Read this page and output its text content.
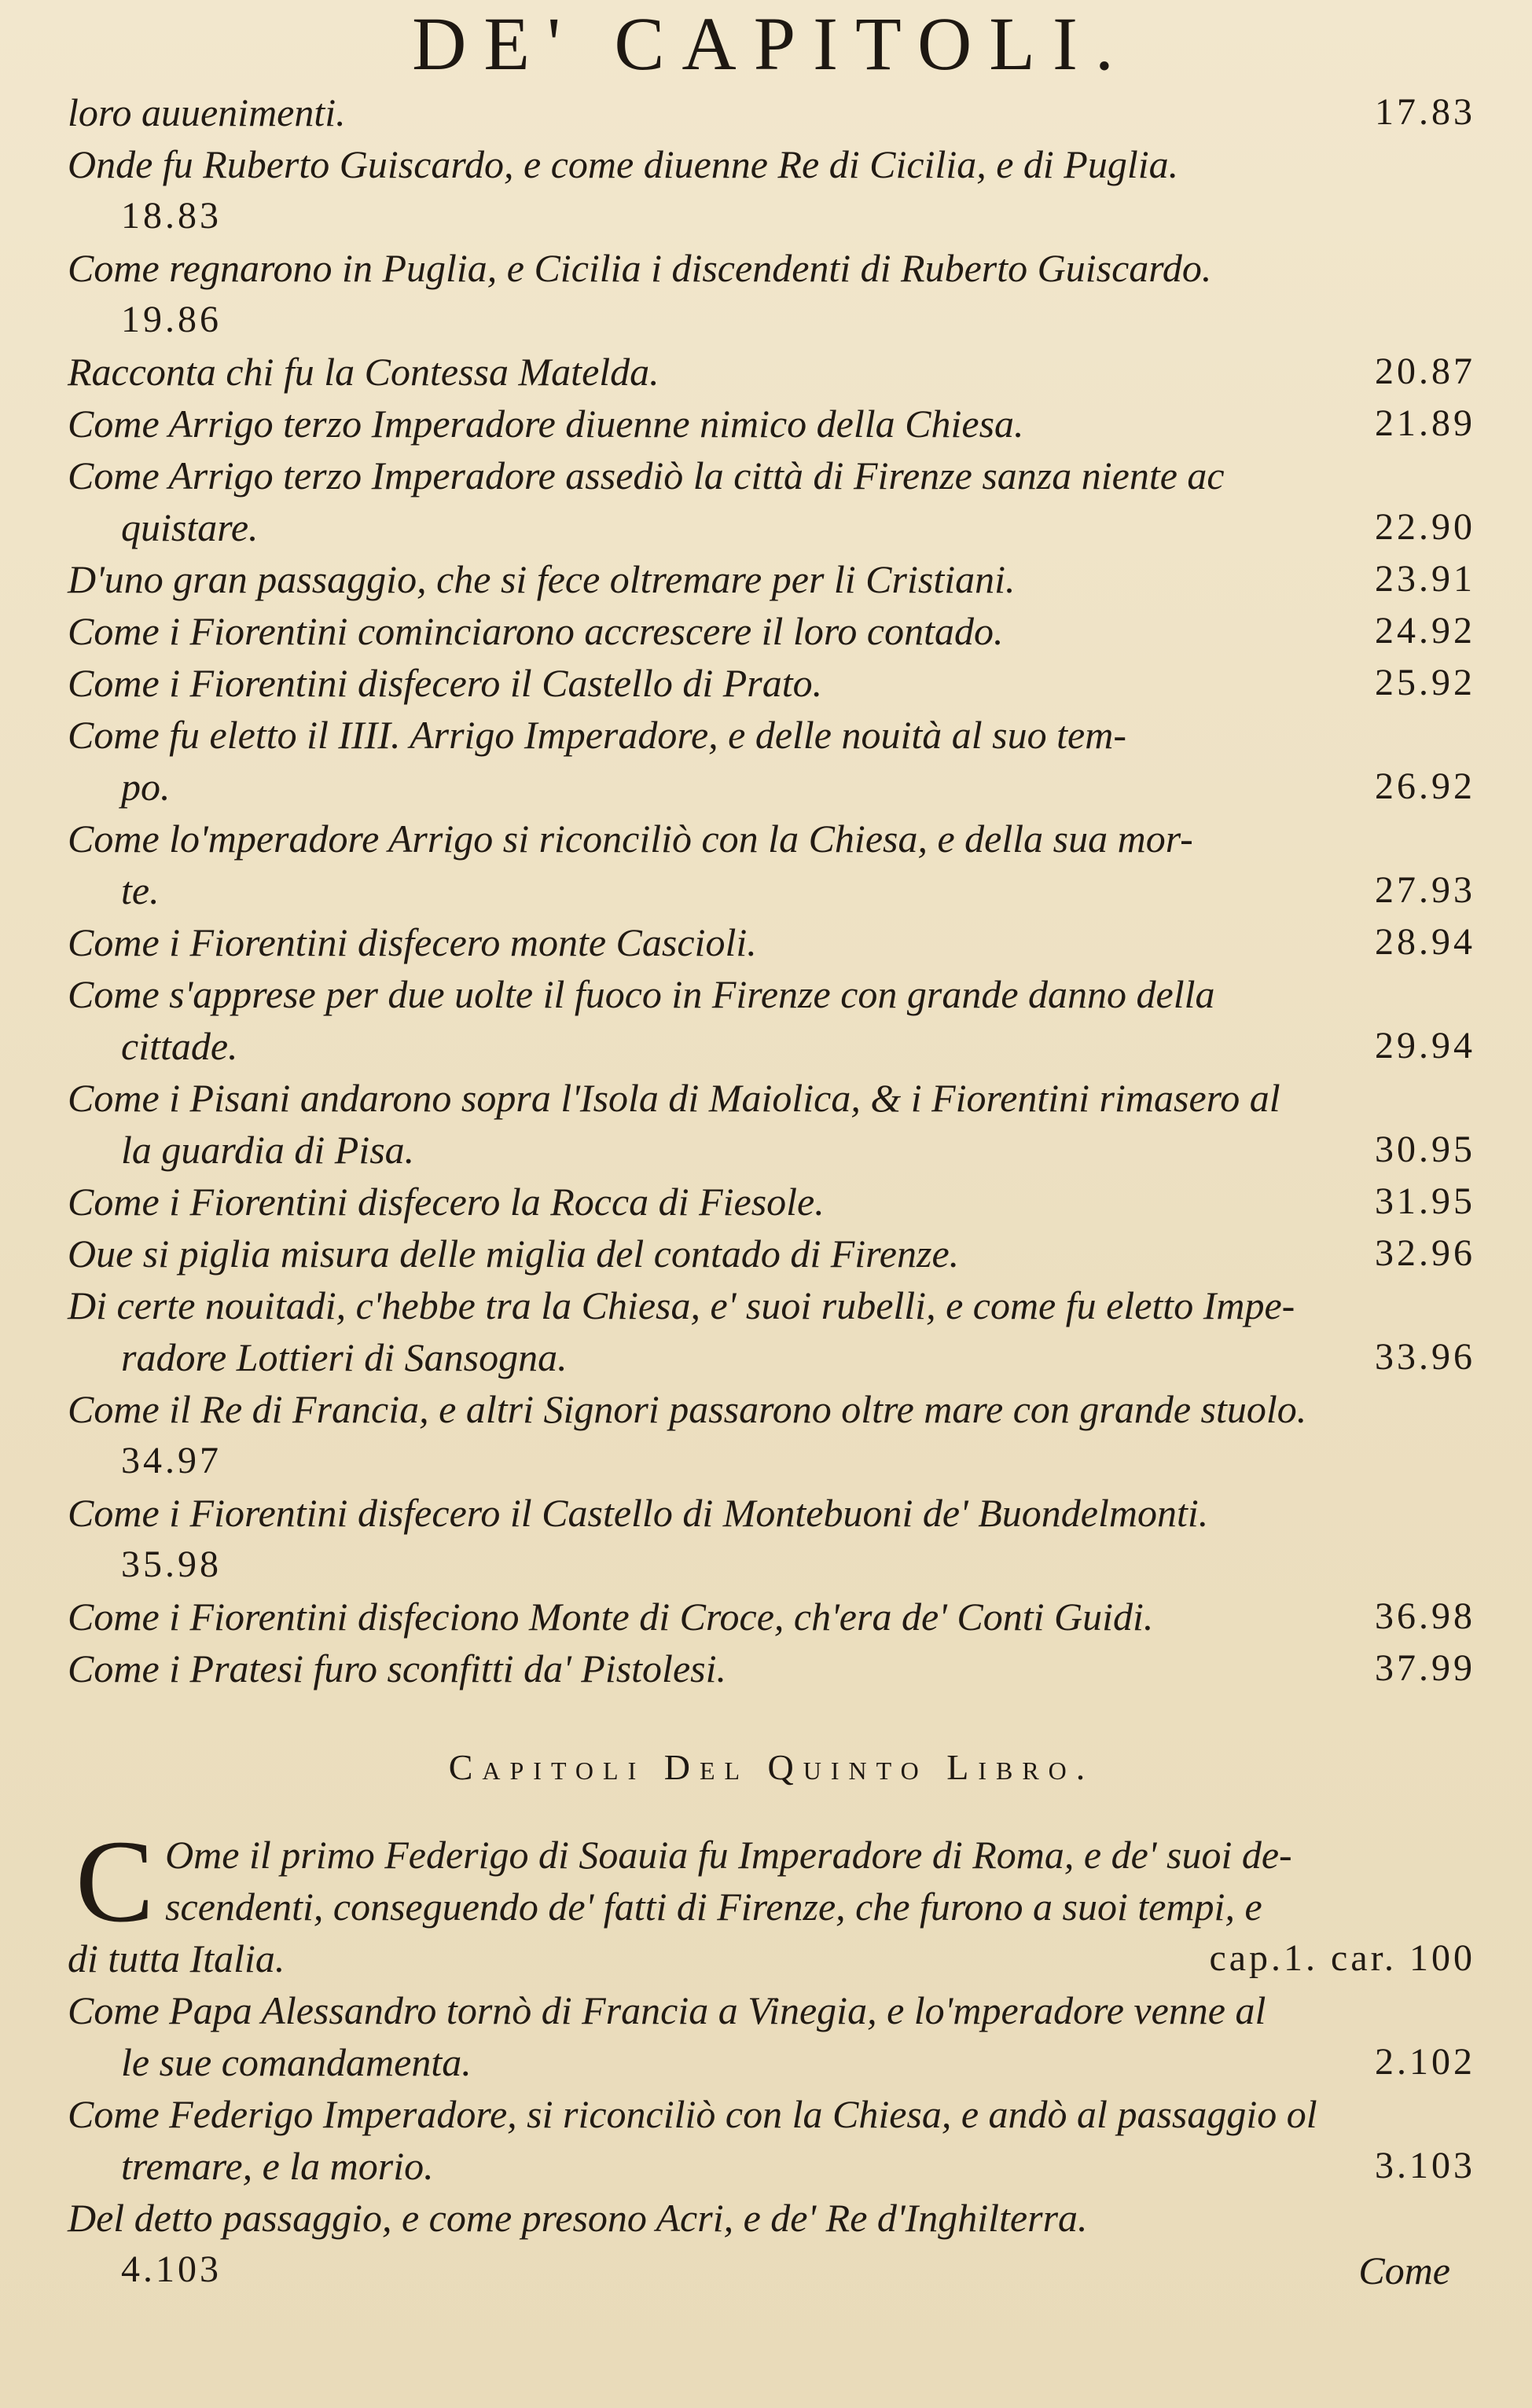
DE' CAPITOLI.
loro auuenimenti.	17.83
Onde fu Ruberto Guiscardo, e come diuenne Re di Cicilia, e di Puglia.
18.83
Come regnarono in Puglia, e Cicilia i discendenti di Ruberto Guiscardo.
19.86
Racconta chi fu la Contessa Matelda.	20.87
Come Arrigo terzo Imperadore diuenne nimico della Chiesa.	21.89
Come Arrigo terzo Imperadore assediò la città di Firenze sanza niente ac
quistare.	22.90
D'uno gran passaggio, che si fece oltremare per li Cristiani.	23.91
Come i Fiorentini cominciarono accrescere il loro contado.	24.92
Come i Fiorentini disfecero il Castello di Prato.	25.92
Come fu eletto il IIII. Arrigo Imperadore, e delle nouità al suo tem-
po.	26.92
Come lo'mperadore Arrigo si riconciliò con la Chiesa, e della sua mor-
te.	27.93
Come i Fiorentini disfecero monte Cascioli.	28.94
Come s'apprese per due uolte il fuoco in Firenze con grande danno della
cittade.	29.94
Come i Pisani andarono sopra l'Isola di Maiolica, & i Fiorentini rimasero al
la guardia di Pisa.	30.95
Come i Fiorentini disfecero la Rocca di Fiesole.	31.95
Oue si piglia misura delle miglia del contado di Firenze.	32.96
Di certe nouitadi, c'hebbe tra la Chiesa, e' suoi rubelli, e come fu eletto Impe-
radore Lottieri di Sansogna.	33.96
Come il Re di Francia, e altri Signori passarono oltre mare con grande stuolo.
34.97
Come i Fiorentini disfecero il Castello di Montebuoni de' Buondelmonti.
35.98
Come i Fiorentini disfeciono Monte di Croce, ch'era de' Conti Guidi.	36.98
Come i Pratesi furo sconfitti da' Pistolesi.	37.99
Capitoli Del Quinto Libro.
C Ome il primo Federigo di Soauia fu Imperadore di Roma, e de' suoi de-
scendenti, conseguendo de' fatti di Firenze, che furono a suoi tempi, e
di tutta Italia.	cap.1. car. 100
Come Papa Alessandro tornò di Francia a Vinegia, e lo'mperadore venne al
le sue comandamenta.	2.102
Come Federigo Imperadore, si riconciliò con la Chiesa, e andò al passaggio ol
tremare, e la morio.	3.103
Del detto passaggio, e come presono Acri, e de' Re d'Inghilterra.
4.103	Come
